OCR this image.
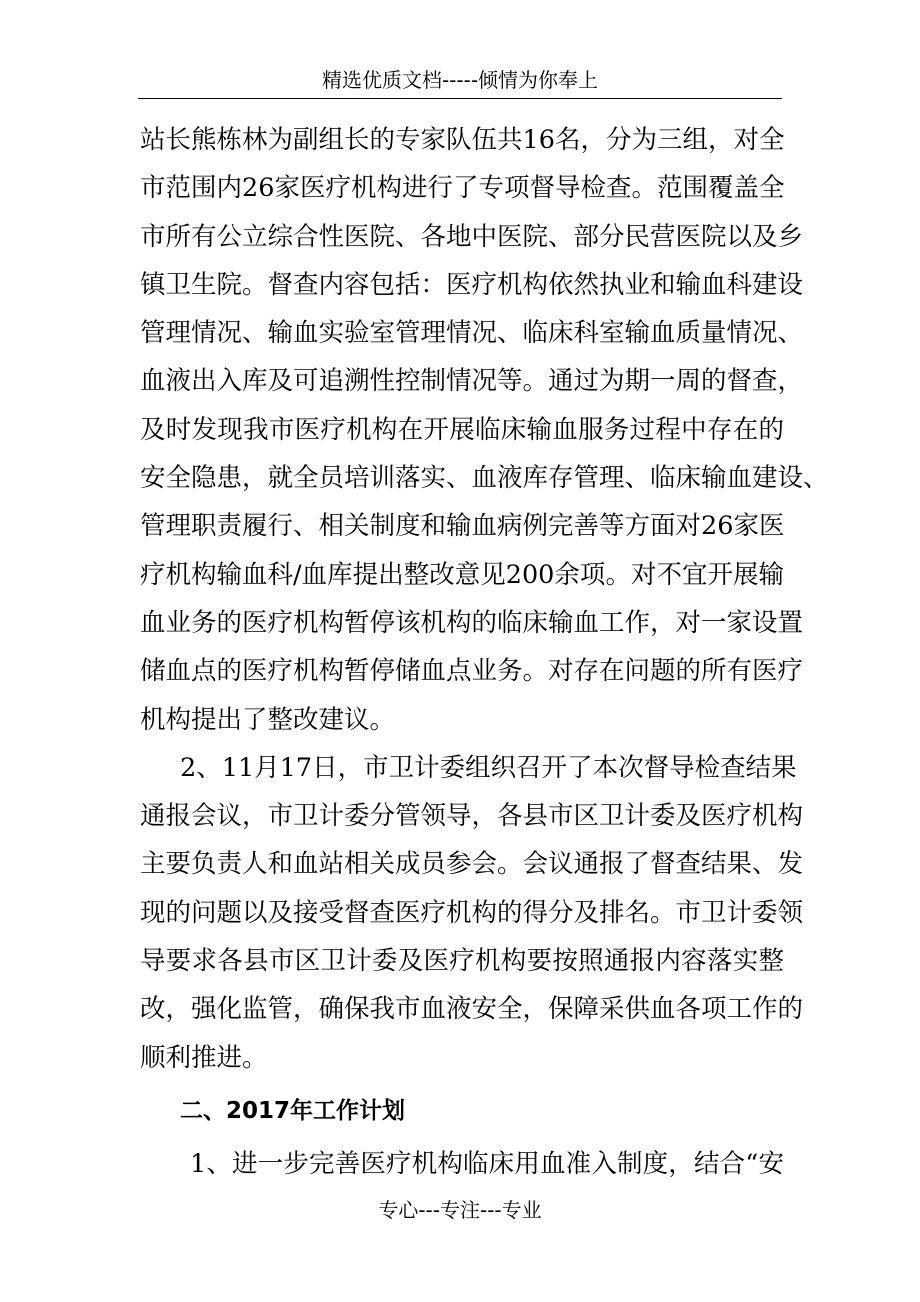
精选优质文档-----倾情为你奉上
站长熊栋林为副组长的专家队伍共16名，分为三组，对全
市范围内26家医疗机构进行了专项督导检查。范围覆盖全
市所有公立综合性医院、各地中医院、部分民营医院以及乡
镇卫生院。督查内容包括：医疗机构依然执业和输血科建设
管理情况、输血实验室管理情况、临床科室输血质量情况、
血液出入库及可追溯性控制情况等。通过为期一周的督查，
及时发现我市医疗机构在开展临床输血服务过程中存在的
安全隐患，就全员培训落实、血液库存管理、临床输血建设、
管理职责履行、相关制度和输血病例完善等方面对26家医
疗机构输血科/血库提出整改意见200余项。对不宜开展输
血业务的医疗机构暂停该机构的临床输血工作，对一家设置
储血点的医疗机构暂停储血点业务。对存在问题的所有医疗
机构提出了整改建议。
2、11月17日，市卫计委组织召开了本次督导检查结果
通报会议，市卫计委分管领导，各县市区卫计委及医疗机构
主要负责人和血站相关成员参会。会议通报了督查结果、发
现的问题以及接受督查医疗机构的得分及排名。市卫计委领
导要求各县市区卫计委及医疗机构要按照通报内容落实整
改，强化监管，确保我市血液安全，保障采供血各项工作的
顺利推进。
二、2017年工作计划
1、进一步完善医疗机构临床用血准入制度，结合“安
专心---专注---专业
